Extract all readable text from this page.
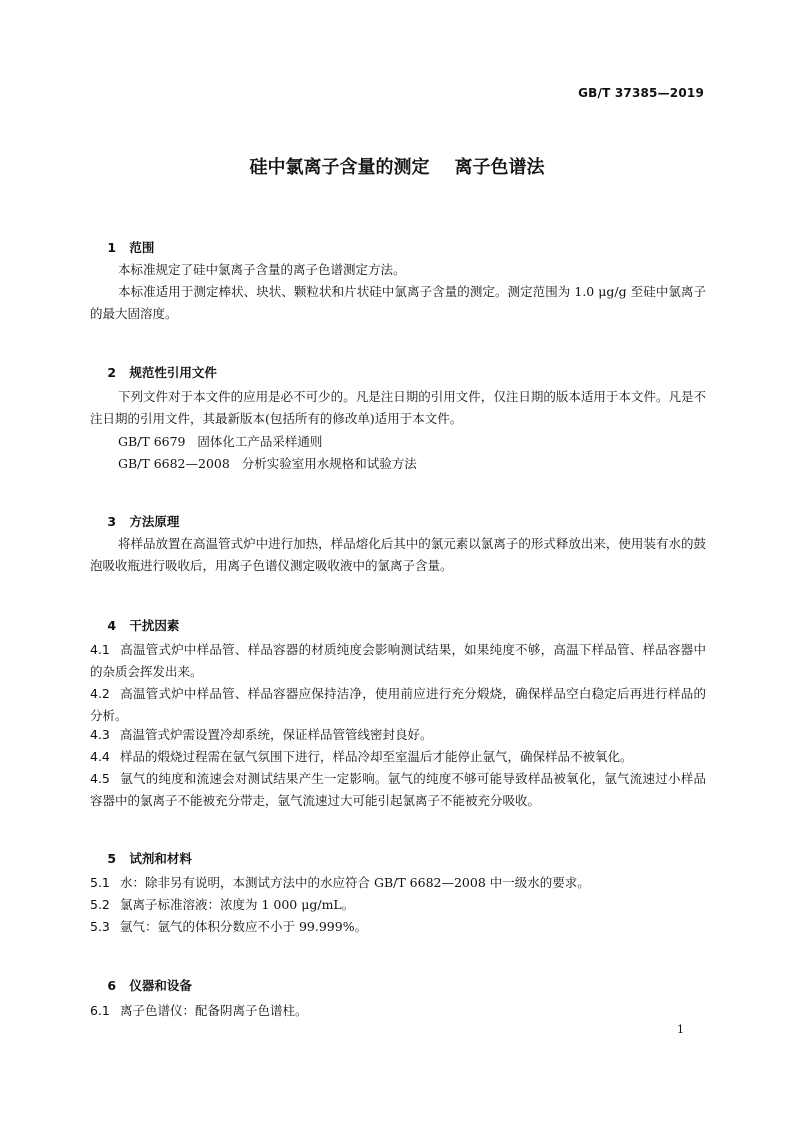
GB/T 37385—2019
硅中氯离子含量的测定    离子色谱法

1 范围

本标准规定了硅中氯离子含量的离子色谱测定方法。
本标准适用于测定棒状、块状、颗粒状和片状硅中氯离子含量的测定。测定范围为 1.0 μg/g 至硅中氯离子的最大固溶度。

2 规范性引用文件

下列文件对于本文件的应用是必不可少的。凡是注日期的引用文件，仅注日期的版本适用于本文件。凡是不注日期的引用文件，其最新版本(包括所有的修改单)适用于本文件。
GB/T 6679   固体化工产品采样通则
GB/T 6682—2008   分析实验室用水规格和试验方法

3 方法原理

将样品放置在高温管式炉中进行加热，样品熔化后其中的氯元素以氯离子的形式释放出来，使用装有水的鼓泡吸收瓶进行吸收后，用离子色谱仪测定吸收液中的氯离子含量。

4 干扰因素

4.1 高温管式炉中样品管、样品容器的材质纯度会影响测试结果，如果纯度不够，高温下样品管、样品容器中的杂质会挥发出来。
4.2 高温管式炉中样品管、样品容器应保持洁净，使用前应进行充分煅烧，确保样品空白稳定后再进行样品的分析。
4.3 高温管式炉需设置冷却系统，保证样品管管线密封良好。
4.4 样品的煅烧过程需在氩气氛围下进行，样品冷却至室温后才能停止氩气，确保样品不被氧化。
4.5 氩气的纯度和流速会对测试结果产生一定影响。氩气的纯度不够可能导致样品被氧化，氩气流速过小样品容器中的氯离子不能被充分带走，氩气流速过大可能引起氯离子不能被充分吸收。

5 试剂和材料

5.1 水：除非另有说明，本测试方法中的水应符合 GB/T 6682—2008 中一级水的要求。
5.2 氯离子标准溶液：浓度为 1 000 μg/mL。
5.3 氩气：氩气的体积分数应不小于 99.999%。

6 仪器和设备

6.1 离子色谱仪：配备阴离子色谱柱。
1
